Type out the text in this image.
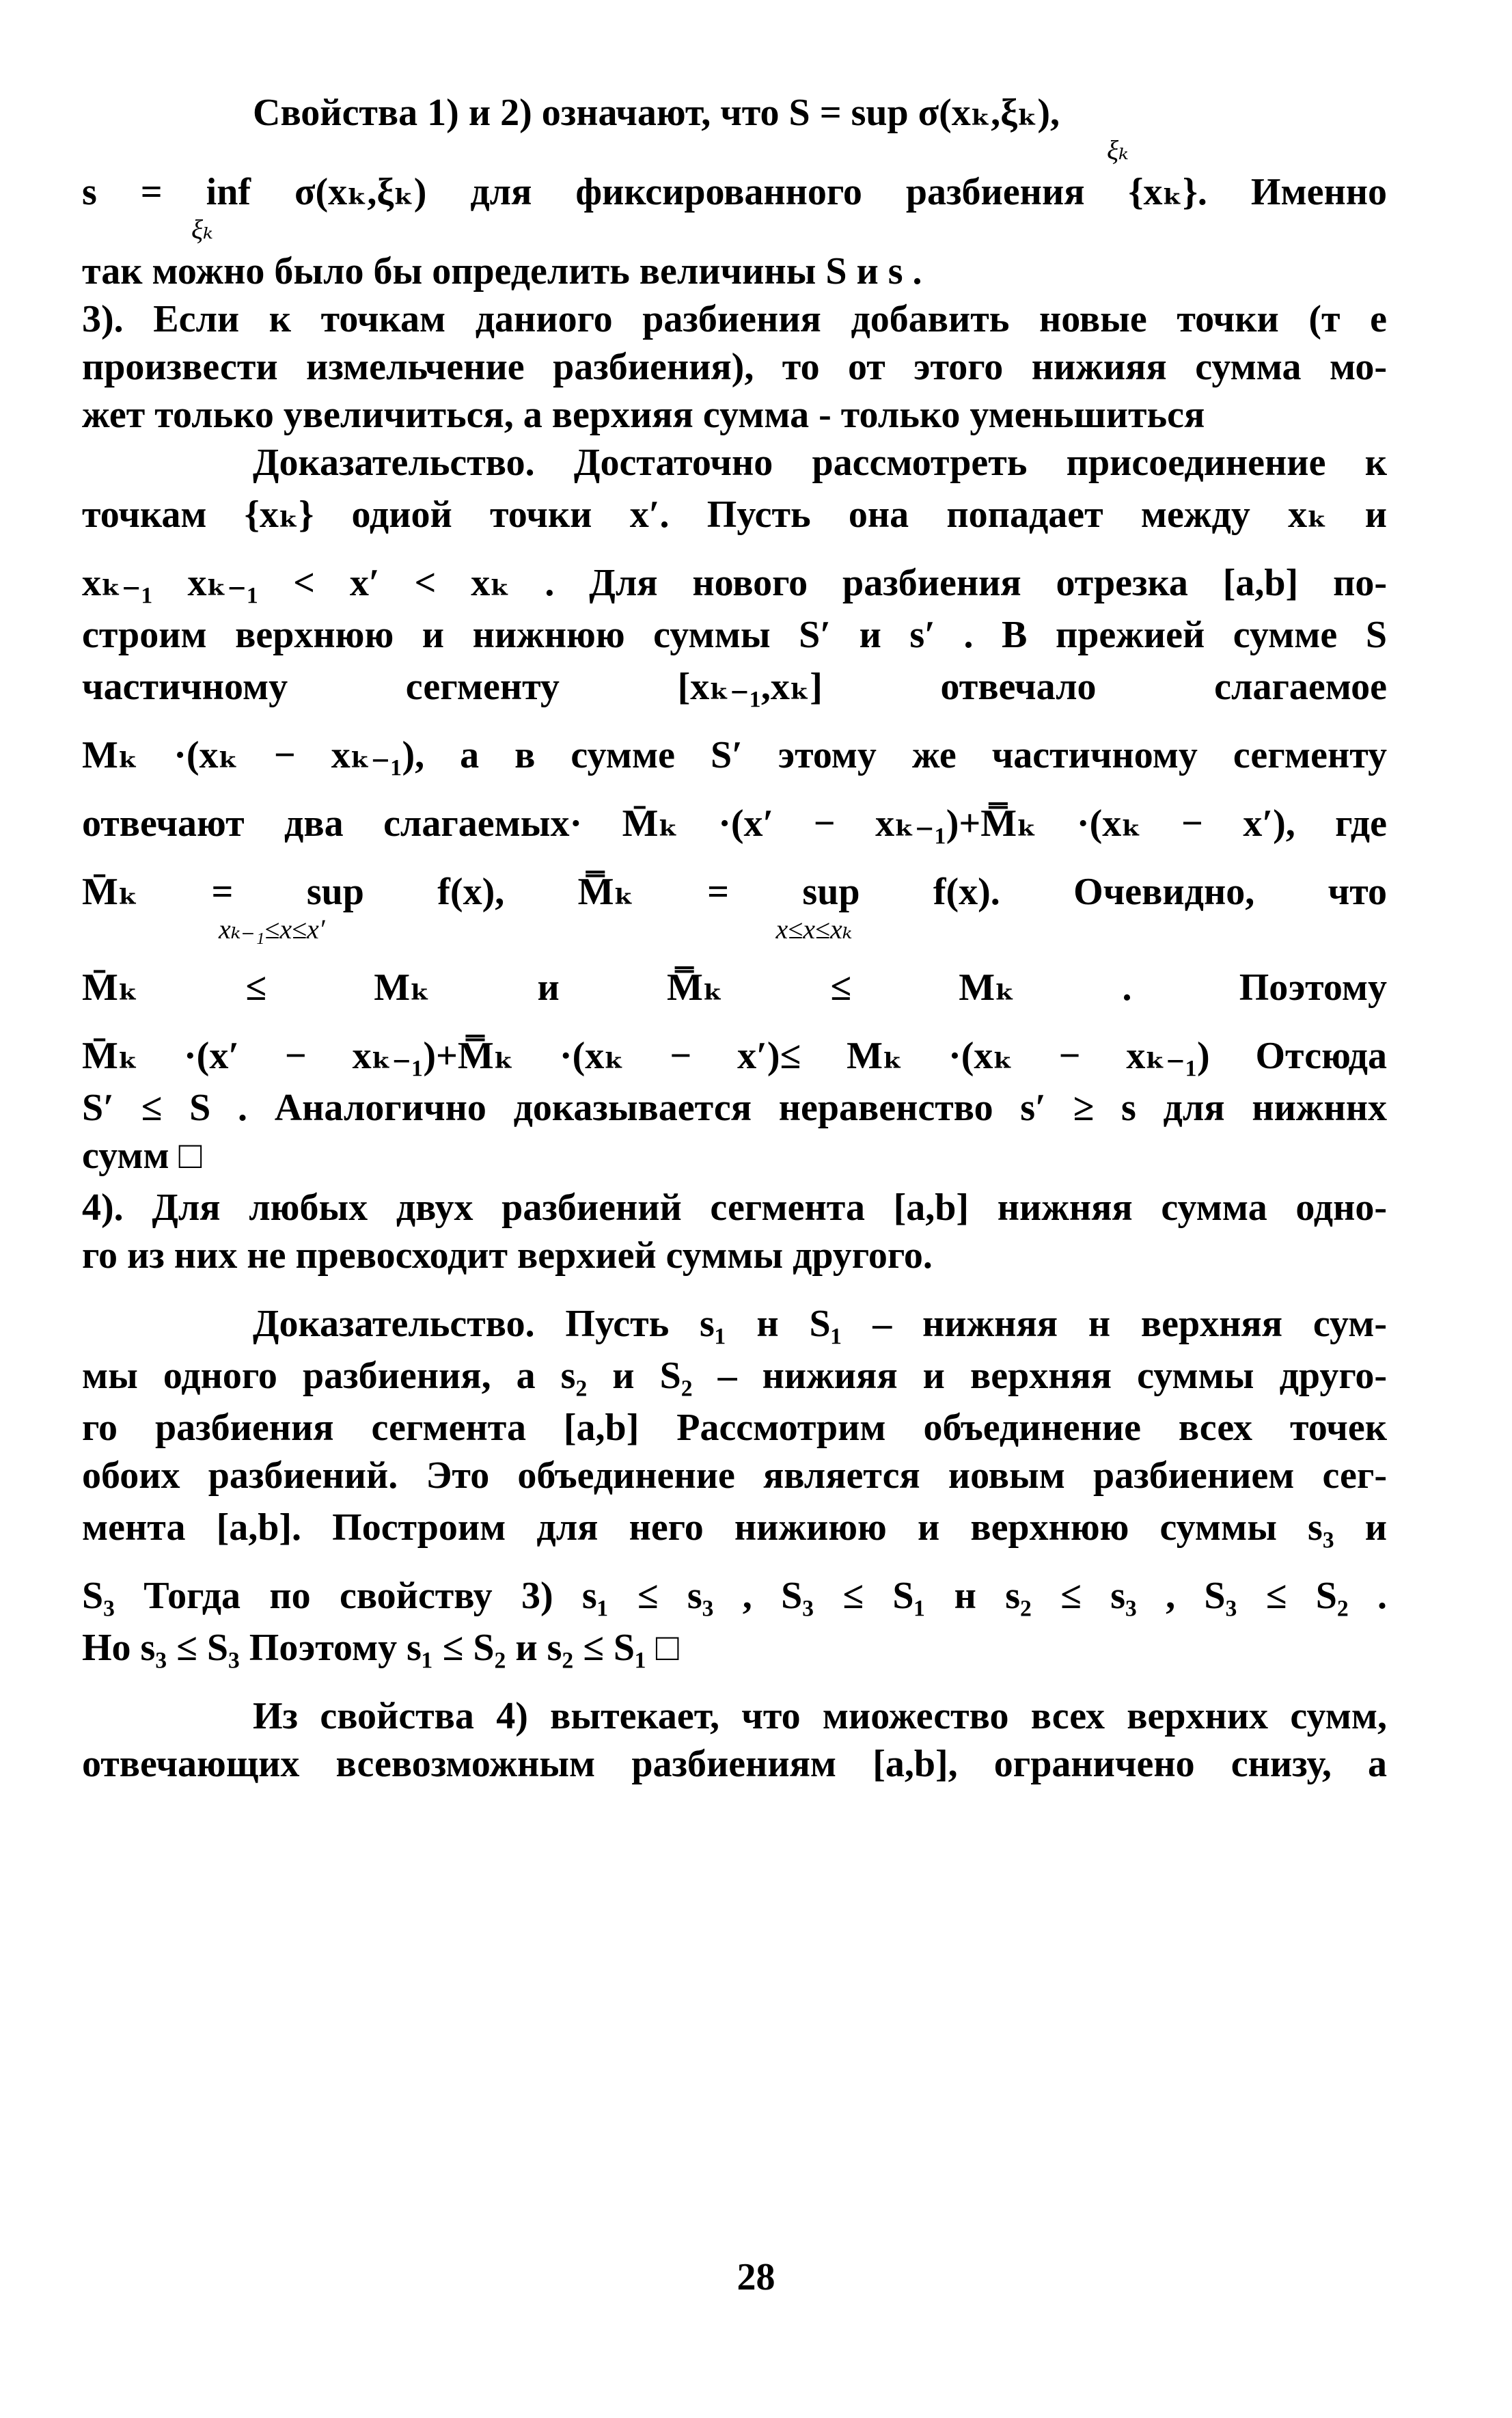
Свойства 1) и 2) означают, что S = sup σ(xₖ,ξₖ),

ξₖ

s = inf σ(xₖ,ξₖ) для фиксированного разбиения {xₖ}. Именно

ξₖ

так можно было бы определить величины S и s .

3). Если к точкам даниого разбиения добавить новые точки (т е

произвести измельчение разбиения), то от этого нижияя сумма мо-

жет только увеличиться, а верхияя сумма - только уменьшиться

Доказательство. Достаточно рассмотреть присоединение к

точкам {xₖ} одиой точки x′. Пусть она попадает между xₖ и

xₖ₋₁ xₖ₋₁ < x′ < xₖ . Для нового разбиения отрезка [a,b] по-

строим верхнюю и нижнюю суммы S′ и s′ . В прежией сумме S

частичному сегменту [xₖ₋₁,xₖ] отвечало слагаемое

Mₖ ·(xₖ − xₖ₋₁), а в сумме S′ этому же частичному сегменту

отвечают два слагаемых· M̄ₖ ·(x′ − xₖ₋₁)+M̿ₖ ·(xₖ − x′), где

M̄ₖ = sup f(x), M̿ₖ = sup f(x). Очевидно, что

xₖ₋₁≤x≤x′ x≤x≤xₖ

M̄ₖ ≤ Mₖ и M̿ₖ ≤ Mₖ . Поэтому

M̄ₖ ·(x′ − xₖ₋₁)+M̿ₖ ·(xₖ − x′)≤ Mₖ ·(xₖ − xₖ₋₁) Отсюда

S′ ≤ S . Аналогично доказывается неравенство s′ ≥ s для нижннх

сумм □

4). Для любых двух разбиений сегмента [a,b] нижняя сумма одно-

го из них не превосходит верхией суммы другого.

Доказательство. Пусть s₁ н S₁ – нижняя н верхняя сум-

мы одного разбиения, а s₂ и S₂ – нижияя и верхняя суммы друго-

го разбиения сегмента [a,b] Рассмотрим объединение всех точек

обоих разбиений. Это объединение является иовым разбиением сег-

мента [a,b]. Построим для него нижиюю и верхнюю суммы s₃ и

S₃ Тогда по свойству 3) s₁ ≤ s₃ , S₃ ≤ S₁ н s₂ ≤ s₃ , S₃ ≤ S₂ .

Но s₃ ≤ S₃ Поэтому s₁ ≤ S₂ и s₂ ≤ S₁ □

Из свойства 4) вытекает, что миожество всех верхних сумм,

отвечающих всевозможным разбиениям [a,b], ограничено снизу, а

28
